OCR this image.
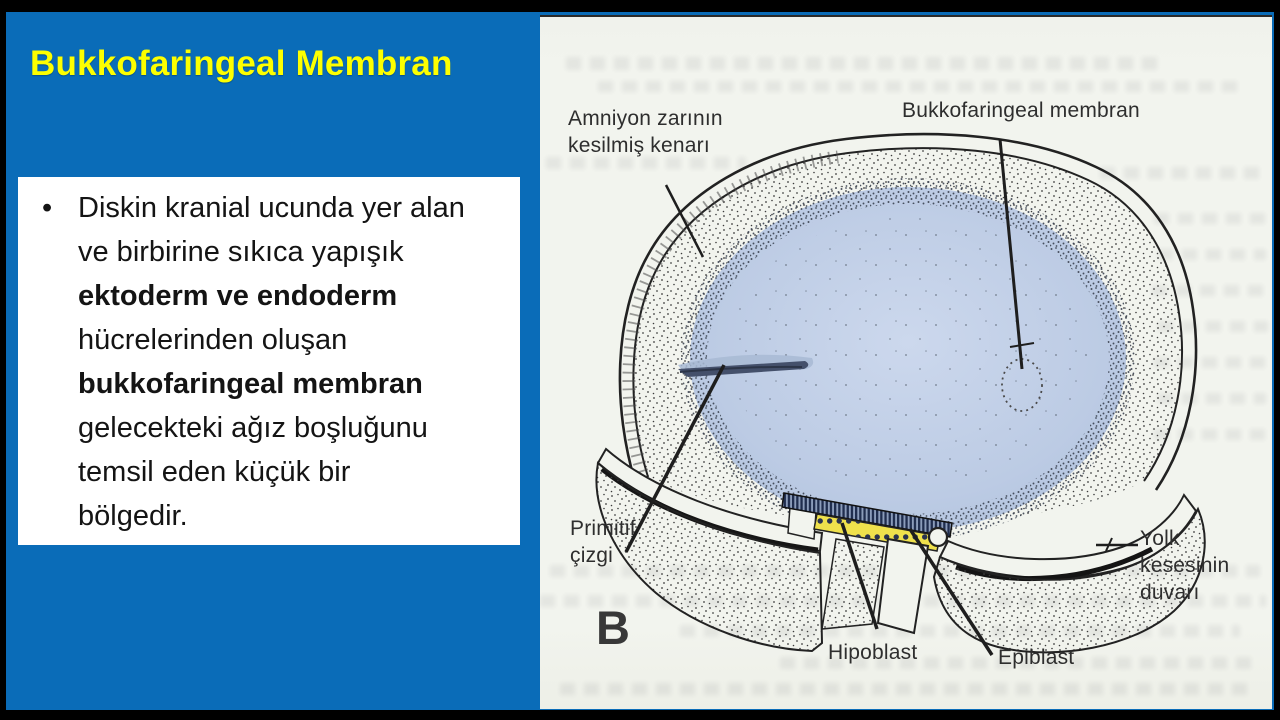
Bukkofaringeal Membran
• Diskin kranial ucunda yer alan ve birbirine sıkıca yapışık ektoderm ve endoderm hücrelerinden oluşan bukkofaringeal membran gelecekteki ağız boşluğunu temsil eden küçük bir bölgedir.
Amniyon zarının kesilmiş kenarı
Bukkofaringeal membran
Primitif çizgi
B	Hipoblast	Epiblast
Yolk kesesinin duvarı
